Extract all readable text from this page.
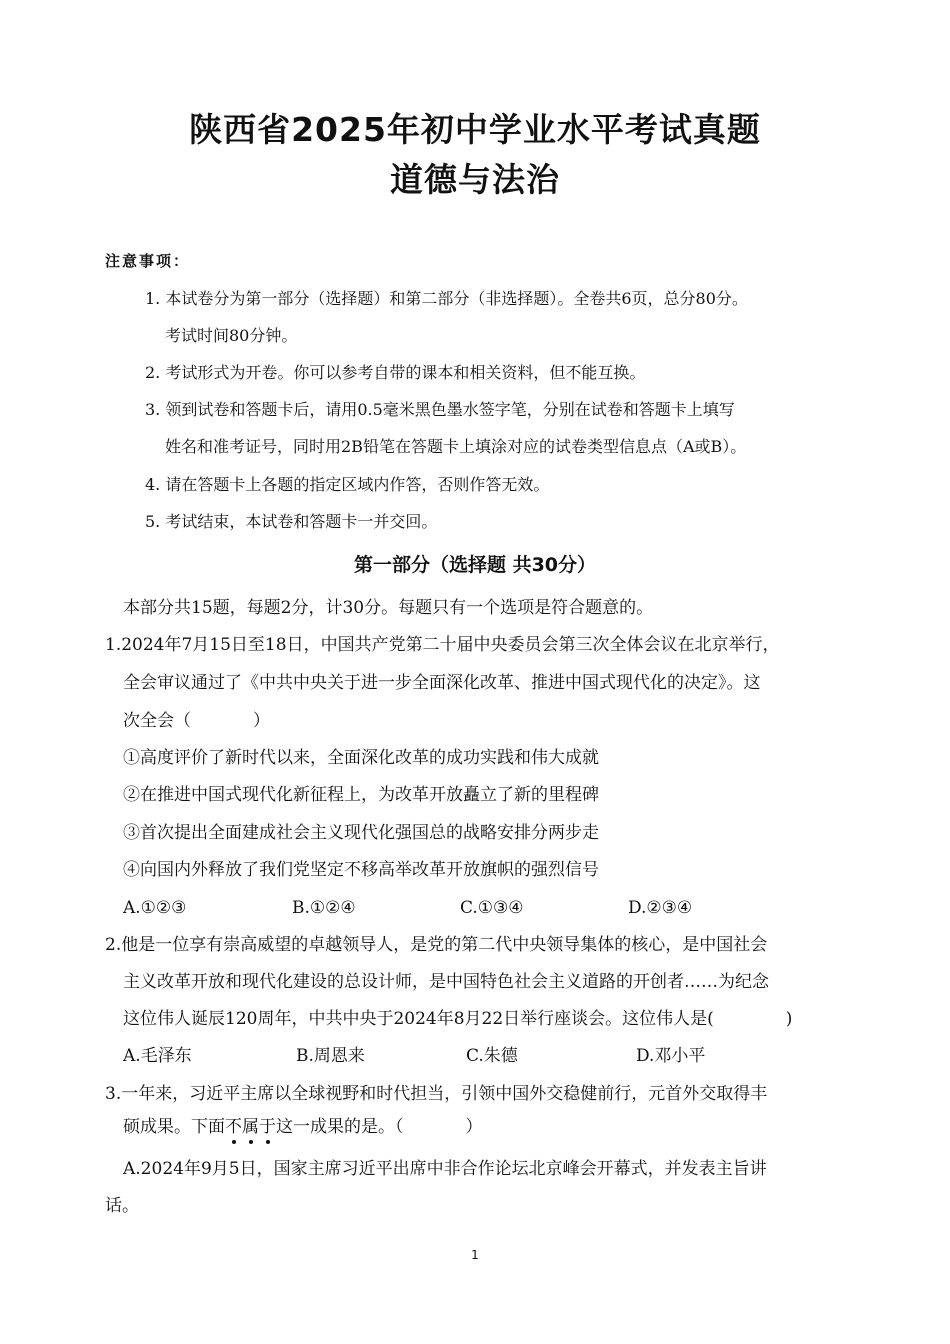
陕西省2025年初中学业水平考试真题
道德与法治
注意事项：
1. 本试卷分为第一部分（选择题）和第二部分（非选择题）。全卷共6页，总分80分。
考试时间80分钟。
2. 考试形式为开卷。你可以参考自带的课本和相关资料，但不能互换。
3. 领到试卷和答题卡后，请用0.5毫米黑色墨水签字笔，分别在试卷和答题卡上填写
姓名和准考证号，同时用2B铅笔在答题卡上填涂对应的试卷类型信息点（A或B）。
4. 请在答题卡上各题的指定区域内作答，否则作答无效。
5. 考试结束，本试卷和答题卡一并交回。
第一部分（选择题 共30分）
本部分共15题，每题2分，计30分。每题只有一个选项是符合题意的。
1.2024年7月15日至18日，中国共产党第二十届中央委员会第三次全体会议在北京举行，
全会审议通过了《中共中央关于进一步全面深化改革、推进中国式现代化的决定》。这
次全会（	）
①高度评价了新时代以来，全面深化改革的成功实践和伟大成就
②在推进中国式现代化新征程上，为改革开放矗立了新的里程碑
③首次提出全面建成社会主义现代化强国总的战略安排分两步走
④向国内外释放了我们党坚定不移高举改革开放旗帜的强烈信号
A.①②③	B.①②④	C.①③④	D.②③④
2.他是一位享有崇高威望的卓越领导人，是党的第二代中央领导集体的核心，是中国社会
主义改革开放和现代化建设的总设计师，是中国特色社会主义道路的开创者……为纪念
这位伟人诞辰120周年，中共中央于2024年8月22日举行座谈会。这位伟人是(	)
A.毛泽东	B.周恩来	C.朱德	D.邓小平
3.一年来，习近平主席以全球视野和时代担当，引领中国外交稳健前行，元首外交取得丰
硕成果。下面不
属
于
这一成果的是。（	）
A.2024年9月5日，国家主席习近平出席中非合作论坛北京峰会开幕式，并发表主旨讲
话。
1
